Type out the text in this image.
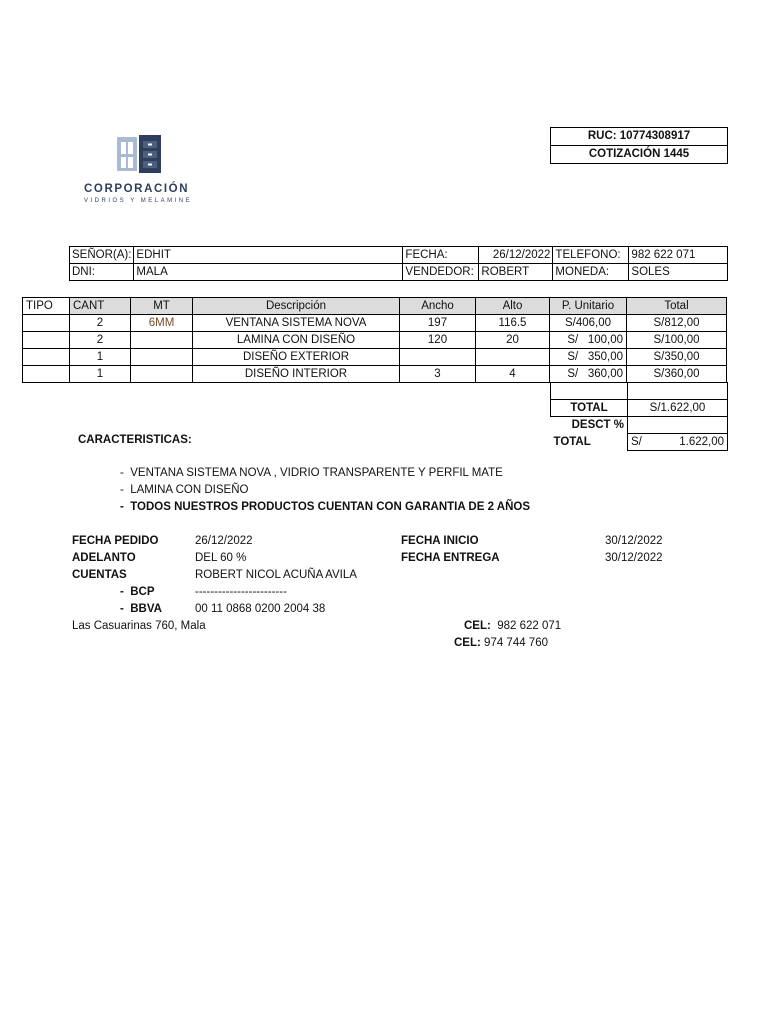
RUC: 10774308917
COTIZACIÓN 1445
CORPORACIÓN
VIDRIOS Y MELAMINE
SEÑOR(A):	EDHIT	FECHA:	26/12/2022	TELEFONO:	982 622 071
DNI:	MALA	VENDEDOR:	ROBERT	MONEDA:	SOLES
TIPO	CANT	MT	Descripción	Ancho	Alto	P. Unitario	Total
	2	6MM	VENTANA SISTEMA NOVA	197	116.5	S/406,00	S/812,00
	2		LAMINA CON DISEÑO	120	20	S/   100,00	S/100,00
	1		DISEÑO EXTERIOR			S/   350,00	S/350,00
	1		DISEÑO INTERIOR	3	4	S/   360,00	S/360,00

TOTAL	S/1.622,00
DESCT %	
TOTAL	S/ 1.622,00
CARACTERISTICAS:
-  VENTANA SISTEMA NOVA , VIDRIO TRANSPARENTE Y PERFIL MATE
-  LAMINA CON DISEÑO
-  TODOS NUESTROS PRODUCTOS CUENTAN CON GARANTIA DE 2 AÑOS
FECHA PEDIDO	26/12/2022	FECHA INICIO	30/12/2022
ADELANTO	DEL 60 %	FECHA ENTREGA	30/12/2022
CUENTAS	ROBERT NICOL ACUÑA AVILA
-  BCP	------------------------
-  BBVA	00 11 0868 0200 2004 38
Las Casuarinas 760, Mala	CEL: 982 622 071
CEL: 974 744 760
